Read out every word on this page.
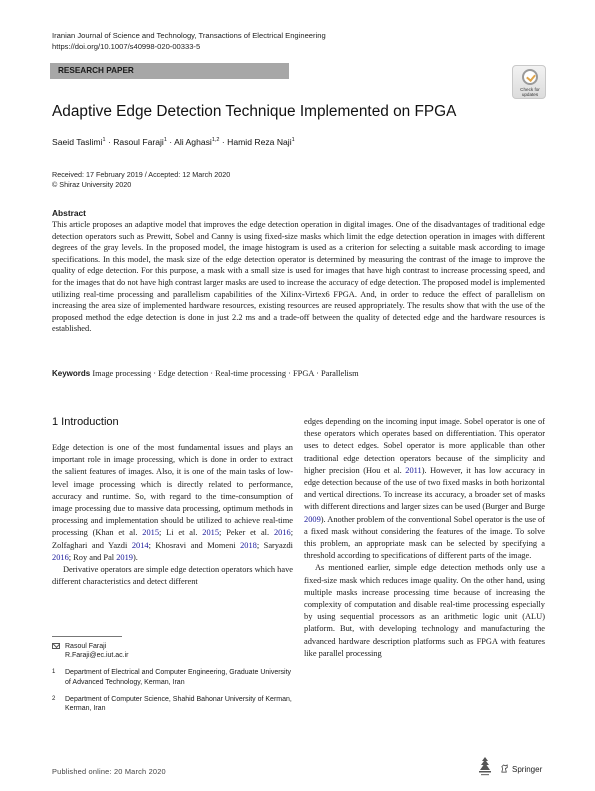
Iranian Journal of Science and Technology, Transactions of Electrical Engineering
https://doi.org/10.1007/s40998-020-00333-5
RESEARCH PAPER
Check for
updates
Adaptive Edge Detection Technique Implemented on FPGA
Saeid Taslimi$^1$ · Rasoul Faraji$^1$ · Ali Aghasi$^{1,2}$ · Hamid Reza Naji$^1$
Received: 17 February 2019 / Accepted: 12 March 2020
© Shiraz University 2020
Abstract
This article proposes an adaptive model that improves the edge detection operation in digital images. One of the disadvantages of traditional edge detection operators such as Prewitt, Sobel and Canny is using fixed-size masks which limit the edge detection operation in images with different degrees of the gray levels. In the proposed model, the image histogram is used as a criterion for selecting a suitable mask according to image specifications. In this model, the mask size of the edge detection operator is determined by measuring the contrast of the image to improve the quality of edge detection. For this purpose, a mask with a small size is used for images that have high contrast to increase processing speed, and for the images that do not have high contrast larger masks are used to increase the accuracy of edge detection. The proposed model is implemented utilizing real-time processing and parallelism capabilities of the Xilinx-Virtex6 FPGA. And, in order to reduce the effect of parallelism on increasing the area size of implemented hardware resources, existing resources are reused appropriately. The results show that with the use of the proposed method the edge detection is done in just 2.2 ms and a trade-off between the quality of detected edge and the hardware resources is established.
Keywords Image processing · Edge detection · Real-time processing · FPGA · Parallelism
1 Introduction

Edge detection is one of the most fundamental issues and plays an important role in image processing, which is done in order to extract the salient features of images. Also, it is one of the main tasks of low-level image processing which is directly related to performance, accuracy and runtime. So, with regard to the time-consumption of image processing due to massive data processing, optimum methods in processing and implementation should be utilized to achieve real-time processing (Khan et al. 2015; Li et al. 2015; Peker et al. 2016; Zolfaghari and Yazdi 2014; Khosravi and Momeni 2018; Saryazdi 2016; Roy and Pal 2019).

Derivative operators are simple edge detection operators which have different characteristics and detect different

edges depending on the incoming input image. Sobel operator is one of these operators which operates based on differentiation. This operator uses to detect edges. Sobel operator is more applicable than other traditional edge detection operators because of the simplicity and higher precision (Hou et al. 2011). However, it has low accuracy in edge detection because of the use of two fixed masks in both horizontal and vertical directions. To increase its accuracy, a broader set of masks with different directions and larger sizes can be used (Burger and Burge 2009). Another problem of the conventional Sobel operator is the use of a fixed mask without considering the features of the image. To solve this problem, an appropriate mask can be selected by specifying a threshold according to specifications of different parts of the image.

As mentioned earlier, simple edge detection methods only use a fixed-size mask which reduces image quality. On the other hand, using multiple masks increase processing time because of increasing the complexity of computation and disable real-time processing especially by using sequential processors as an arithmetic logic unit (ALU) platform. But, with developing technology and manufacturing the advanced hardware description platforms such as FPGA with features like parallel processing

Rasoul Faraji
R.Faraji@ec.iut.ac.ir
1 Department of Electrical and Computer Engineering, Graduate University of Advanced Technology, Kerman, Iran
2 Department of Computer Science, Shahid Bahonar University of Kerman, Kerman, Iran
Published online: 20 March 2020	Springer
